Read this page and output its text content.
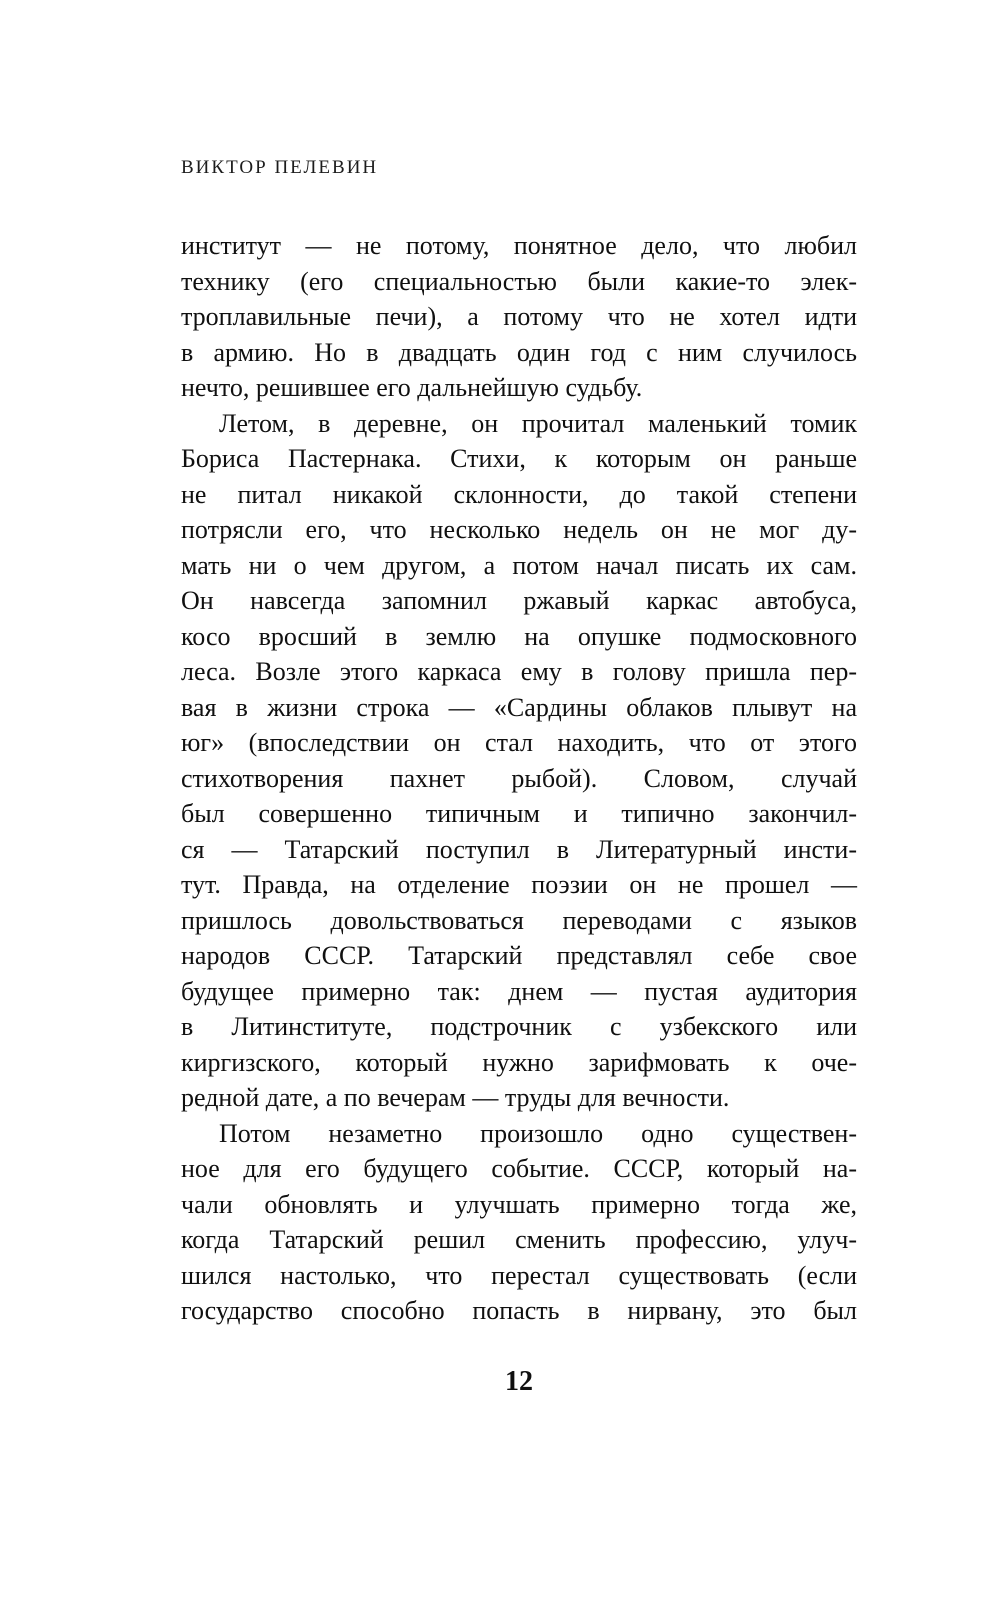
ВИКТОР ПЕЛЕВИН
институт — не потому, понятное дело, что любил
технику (его специальностью были какие-то элек-
троплавильные печи), а потому что не хотел идти
в армию. Но в двадцать один год с ним случилось
нечто, решившее его дальнейшую судьбу.
Летом, в деревне, он прочитал маленький томик
Бориса Пастернака. Стихи, к которым он раньше
не питал никакой склонности, до такой степени
потрясли его, что несколько недель он не мог ду-
мать ни о чем другом, а потом начал писать их сам.
Он навсегда запомнил ржавый каркас автобуса,
косо вросший в землю на опушке подмосковного
леса. Возле этого каркаса ему в голову пришла пер-
вая в жизни строка — «Сардины облаков плывут на
юг» (впоследствии он стал находить, что от этого
стихотворения пахнет рыбой). Словом, случай
был совершенно типичным и типично закончил-
ся — Татарский поступил в Литературный инсти-
тут. Правда, на отделение поэзии он не прошел —
пришлось довольствоваться переводами с языков
народов СССР. Татарский представлял себе свое
будущее примерно так: днем — пустая аудитория
в Литинституте, подстрочник с узбекского или
киргизского, который нужно зарифмовать к оче-
редной дате, а по вечерам — труды для вечности.
Потом незаметно произошло одно существен-
ное для его будущего событие. СССР, который на-
чали обновлять и улучшать примерно тогда же,
когда Татарский решил сменить профессию, улуч-
шился настолько, что перестал существовать (если
государство способно попасть в нирвану, это был
12
